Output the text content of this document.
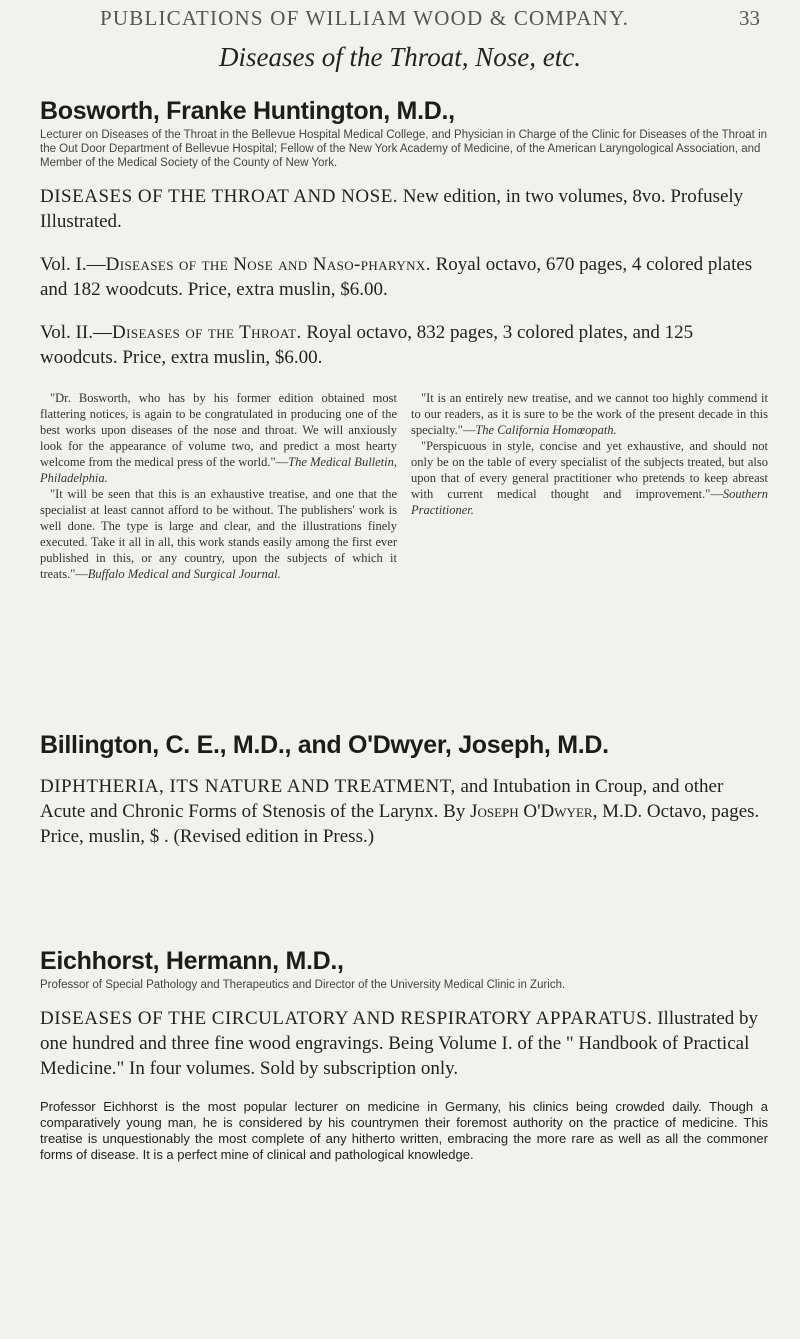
PUBLICATIONS OF WILLIAM WOOD & COMPANY.	33
Diseases of the Throat, Nose, etc.

Bosworth, Franke Huntington, M.D.,

Lecturer on Diseases of the Throat in the Bellevue Hospital Medical College, and Physician in Charge of the Clinic for Diseases of the Throat in the Out Door Department of Bellevue Hospital; Fellow of the New York Academy of Medicine, of the American Laryngological Association, and Member of the Medical Society of the County of New York.

DISEASES OF THE THROAT AND NOSE. New edition, in two volumes, 8vo. Profusely Illustrated.

Vol. I.—Diseases of the Nose and Naso-pharynx. Royal octavo, 670 pages, 4 colored plates and 182 woodcuts. Price, extra muslin, $6.00.

Vol. II.—Diseases of the Throat. Royal octavo, 832 pages, 3 colored plates, and 125 woodcuts. Price, extra muslin, $6.00.

"Dr. Bosworth, who has by his former edition obtained most flattering notices, is again to be congratulated in producing one of the best works upon diseases of the nose and throat. We will anxiously look for the appearance of volume two, and predict a most hearty welcome from the medical press of the world."—The Medical Bulletin, Philadelphia.

"It will be seen that this is an exhaustive treatise, and one that the specialist at least cannot afford to be without. The publishers' work is well done. The type is large and clear, and the illustrations finely executed. Take it all in all, this work stands easily among the first ever published in this, or any country, upon the subjects of which it treats."—Buffalo Medical and Surgical Journal.

"It is an entirely new treatise, and we cannot too highly commend it to our readers, as it is sure to be the work of the present decade in this specialty."—The California Homœopath.

"Perspicuous in style, concise and yet exhaustive, and should not only be on the table of every specialist of the subjects treated, but also upon that of every general practitioner who pretends to keep abreast with current medical thought and improvement."—Southern Practitioner.

Billington, C. E., M.D., and O'Dwyer, Joseph, M.D.

DIPHTHERIA, ITS NATURE AND TREATMENT, and Intubation in Croup, and other Acute and Chronic Forms of Stenosis of the Larynx. By Joseph O'Dwyer, M.D. Octavo, pages. Price, muslin, $ . (Revised edition in Press.)

Eichhorst, Hermann, M.D.,

Professor of Special Pathology and Therapeutics and Director of the University Medical Clinic in Zurich.

DISEASES OF THE CIRCULATORY AND RESPIRATORY APPARATUS. Illustrated by one hundred and three fine wood engravings. Being Volume I. of the " Handbook of Practical Medicine." In four volumes. Sold by subscription only.

Professor Eichhorst is the most popular lecturer on medicine in Germany, his clinics being crowded daily. Though a comparatively young man, he is considered by his countrymen their foremost authority on the practice of medicine. This treatise is unquestionably the most complete of any hitherto written, embracing the more rare as well as all the commoner forms of disease. It is a perfect mine of clinical and pathological knowledge.
